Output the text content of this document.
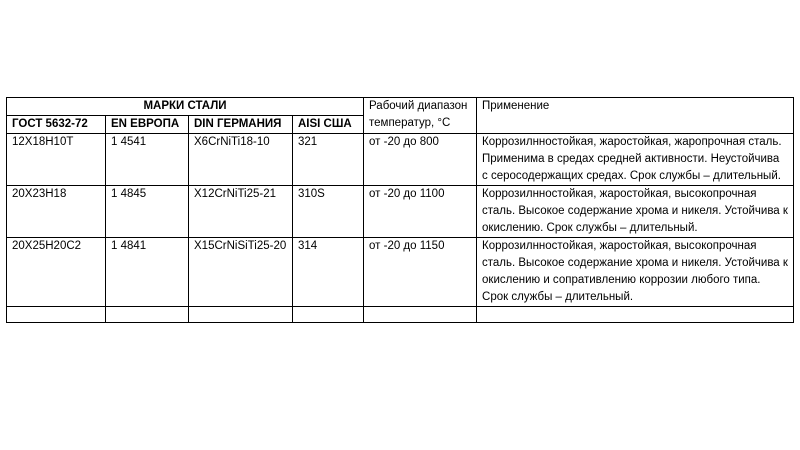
МАРКИ СТАЛИ				Рабочий диапазон температур, °С	Применение
ГОСТ 5632-72	EN ЕВРОПА	DIN ГЕРМАНИЯ	AISI США		
12Х18Н10Т	1 4541	X6CrNiTi18-10	321	от -20 до 800	Коррозилнностойкая, жаростойкая, жаропрочная сталь. Применима в средах средней активности. Неустойчива с серосодержащих средах. Срок службы – длительный.
20Х23Н18	1 4845	X12CrNiTi25-21	310S	от -20 до 1100	Коррозилнностойкая, жаростойкая, высокопрочная сталь. Высокое содержание хрома и никеля. Устойчива к окислению. Срок службы – длительный.
20Х25Н20С2	1 4841	X15CrNiSiTi25-20	314	от -20 до 1150	Коррозилнностойкая, жаростойкая, высокопрочная сталь. Высокое содержание хрома и никеля. Устойчива к окислению и сопративлению коррозии любого типа. Срок службы – длительный.
